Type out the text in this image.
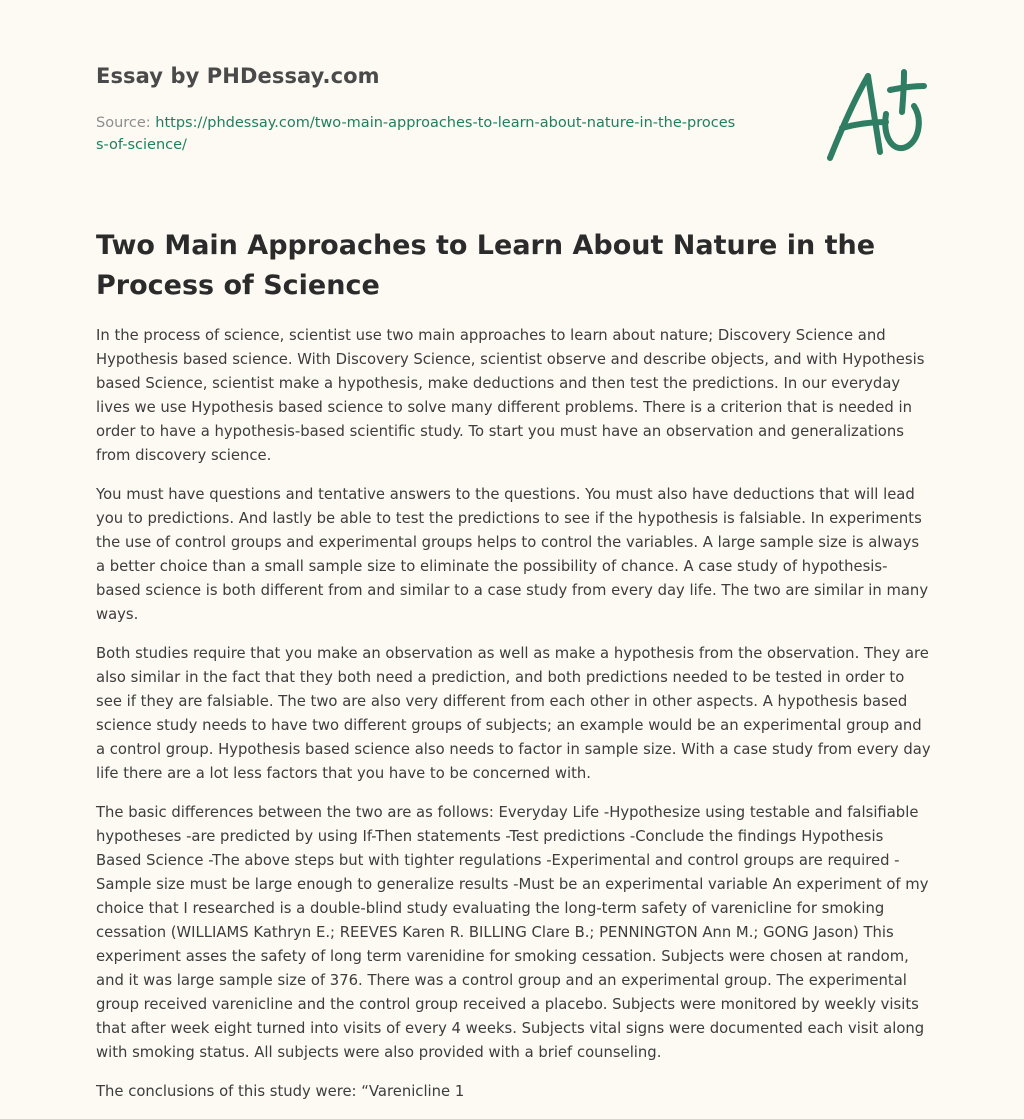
Essay by PHDessay.com
Source: https://phdessay.com/two-main-approaches-to-learn-about-nature-in-the-process-of-science/
Two Main Approaches to Learn About Nature in the Process of Science

In the process of science, scientist use two main approaches to learn about nature; Discovery Science and Hypothesis based science. With Discovery Science, scientist observe and describe objects, and with Hypothesis based Science, scientist make a hypothesis, make deductions and then test the predictions. In our everyday lives we use Hypothesis based science to solve many different problems. There is a criterion that is needed in order to have a hypothesis-based scientific study. To start you must have an observation and generalizations from discovery science.

You must have questions and tentative answers to the questions. You must also have deductions that will lead you to predictions. And lastly be able to test the predictions to see if the hypothesis is falsiable. In experiments the use of control groups and experimental groups helps to control the variables. A large sample size is always a better choice than a small sample size to eliminate the possibility of chance. A case study of hypothesis-based science is both different from and similar to a case study from every day life. The two are similar in many ways.

Both studies require that you make an observation as well as make a hypothesis from the observation. They are also similar in the fact that they both need a prediction, and both predictions needed to be tested in order to see if they are falsiable. The two are also very different from each other in other aspects. A hypothesis based science study needs to have two different groups of subjects; an example would be an experimental group and a control group. Hypothesis based science also needs to factor in sample size. With a case study from every day life there are a lot less factors that you have to be concerned with.

The basic differences between the two are as follows: Everyday Life -Hypothesize using testable and falsifiable hypotheses -are predicted by using If-Then statements -Test predictions -Conclude the findings Hypothesis Based Science -The above steps but with tighter regulations -Experimental and control groups are required -Sample size must be large enough to generalize results -Must be an experimental variable An experiment of my choice that I researched is a double-blind study evaluating the long-term safety of varenicline for smoking cessation (WILLIAMS Kathryn E.; REEVES Karen R. BILLING Clare B.; PENNINGTON Ann M.; GONG Jason) This experiment asses the safety of long term varenidine for smoking cessation. Subjects were chosen at random, and it was large sample size of 376. There was a control group and an experimental group. The experimental group received varenicline and the control group received a placebo. Subjects were monitored by weekly visits that after week eight turned into visits of every 4 weeks. Subjects vital signs were documented each visit along with smoking status. All subjects were also provided with a brief counseling.

The conclusions of this study were: “Varenicline 1
